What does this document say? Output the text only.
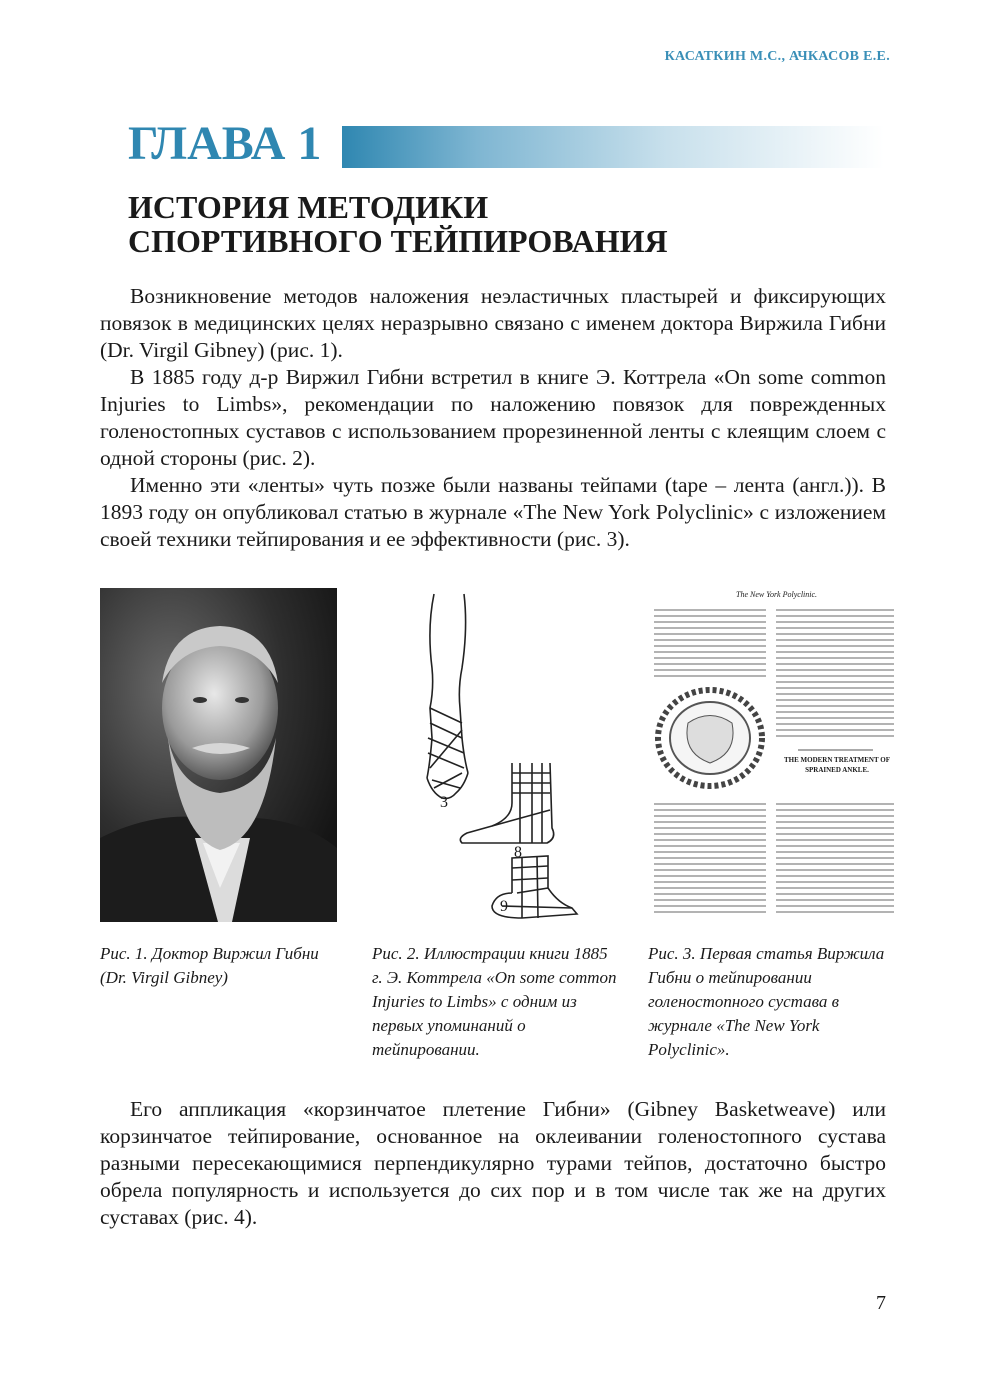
КАСАТКИН М.С., АЧКАСОВ Е.Е.
ГЛАВА 1
ИСТОРИЯ МЕТОДИКИ
СПОРТИВНОГО ТЕЙПИРОВАНИЯ

Возникновение методов наложения неэластичных пластырей и фиксирующих повязок в медицинских целях неразрывно связано с именем доктора Виржила Гибни (Dr. Virgil Gibney) (рис. 1).

В 1885 году д-р Виржил Гибни встретил в книге Э. Коттрела «On some common Injuries to Limbs», рекомендации по наложению повязок для поврежденных голеностопных суставов с использованием прорезиненной ленты с клеящим слоем с одной стороны (рис. 2).

Именно эти «ленты» чуть позже были названы тейпами (tape – лента (англ.)). В 1893 году он опубликовал статью в журнале «The New York Polyclinic» с изложением своей техники тейпирования и ее эффективности (рис. 3).

3
8
9
The New York Polyclinic.
THE MODERN TREATMENT OF
SPRAINED ANKLE.
Рис. 1. Доктор Виржил Гибни (Dr. Virgil Gibney)
Рис. 2. Иллюстрации книги 1885 г. Э. Коттрела «On some common Injuries to Limbs» с одним из первых упоминаний о тейпировании.
Рис. 3. Первая статья Виржила Гибни о тейпировании голеностопного сустава в журнале «The New York Polyclinic».

Его аппликация «корзинчатое плетение Гибни» (Gibney Basketweave) или корзинчатое тейпирование, основанное на оклеивании голеностопного сустава разными пересекающимися перпендикулярно турами тейпов, достаточно быстро обрела популярность и используется до сих пор и в том числе так же на других суставах (рис. 4).

7
